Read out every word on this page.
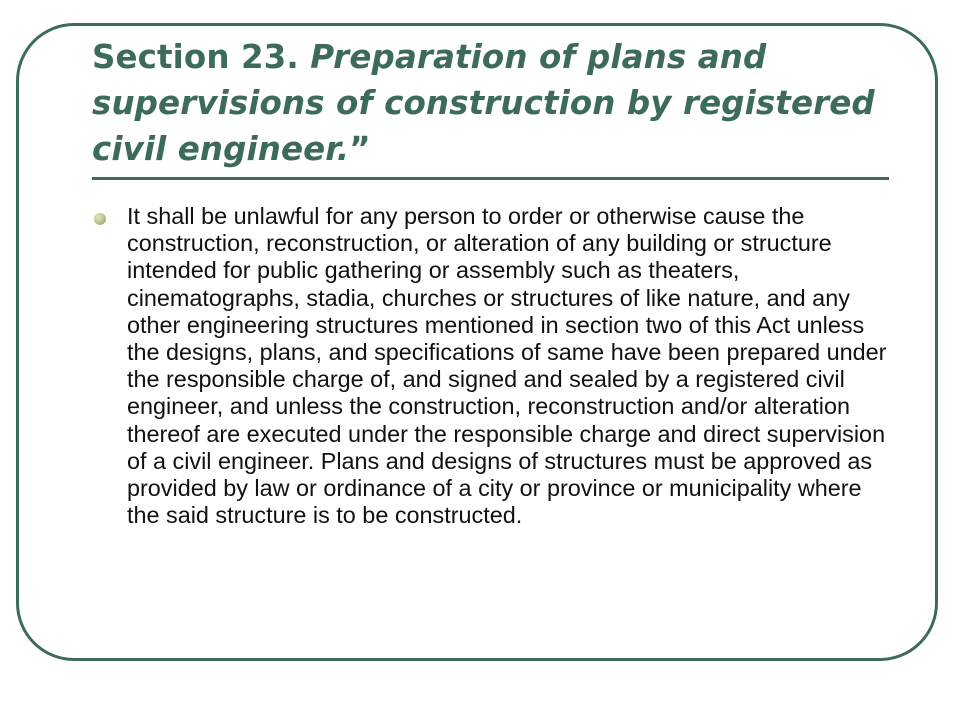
Section 23. Preparation of plans and supervisions of construction by registered civil engineer.”
It shall be unlawful for any person to order or otherwise cause the construction, reconstruction, or alteration of any building or structure intended for public gathering or assembly such as theaters, cinematographs, stadia, churches or structures of like nature, and any other engineering structures mentioned in section two of this Act unless the designs, plans, and specifications of same have been prepared under the responsible charge of, and signed and sealed by a registered civil engineer, and unless the construction, reconstruction and/or alteration thereof are executed under the responsible charge and direct supervision of a civil engineer. Plans and designs of structures must be approved as provided by law or ordinance of a city or province or municipality where the said structure is to be constructed.
